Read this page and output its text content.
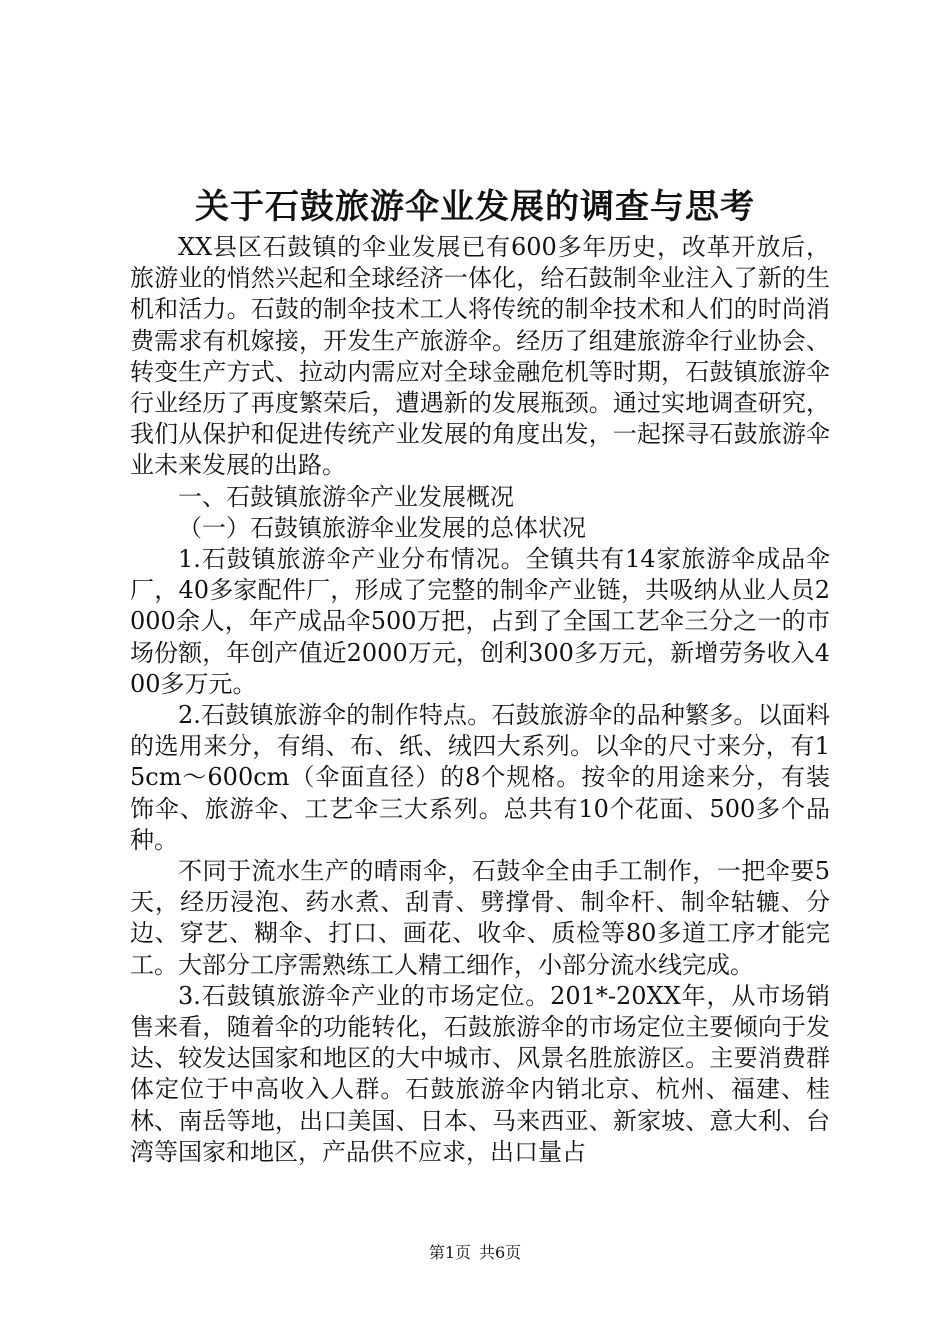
关于石鼓旅游伞业发展的调查与思考

XX县区石鼓镇的伞业发展已有600多年历史，改革开放后，旅游业的悄然兴起和全球经济一体化，给石鼓制伞业注入了新的生机和活力。石鼓的制伞技术工人将传统的制伞技术和人们的时尚消费需求有机嫁接，开发生产旅游伞。经历了组建旅游伞行业协会、转变生产方式、拉动内需应对全球金融危机等时期，石鼓镇旅游伞行业经历了再度繁荣后，遭遇新的发展瓶颈。通过实地调查研究，我们从保护和促进传统产业发展的角度出发，一起探寻石鼓旅游伞业未来发展的出路。

一、石鼓镇旅游伞产业发展概况

（一）石鼓镇旅游伞业发展的总体状况

1.石鼓镇旅游伞产业分布情况。全镇共有14家旅游伞成品伞厂，40多家配件厂，形成了完整的制伞产业链，共吸纳从业人员2000余人，年产成品伞500万把，占到了全国工艺伞三分之一的市场份额，年创产值近2000万元，创利300多万元，新增劳务收入400多万元。

2.石鼓镇旅游伞的制作特点。石鼓旅游伞的品种繁多。以面料的选用来分，有绢、布、纸、绒四大系列。以伞的尺寸来分，有15cm～600cm（伞面直径）的8个规格。按伞的用途来分，有装饰伞、旅游伞、工艺伞三大系列。总共有10个花面、500多个品种。

不同于流水生产的晴雨伞，石鼓伞全由手工制作，一把伞要5天，经历浸泡、药水煮、刮青、劈撑骨、制伞杆、制伞轱辘、分边、穿艺、糊伞、打口、画花、收伞、质检等80多道工序才能完工。大部分工序需熟练工人精工细作，小部分流水线完成。

3.石鼓镇旅游伞产业的市场定位。201*-20XX年，从市场销售来看，随着伞的功能转化，石鼓旅游伞的市场定位主要倾向于发达、较发达国家和地区的大中城市、风景名胜旅游区。主要消费群体定位于中高收入人群。石鼓旅游伞内销北京、杭州、福建、桂林、南岳等地，出口美国、日本、马来西亚、新家坡、意大利、台湾等国家和地区，产品供不应求，出口量占

第1页 共6页
